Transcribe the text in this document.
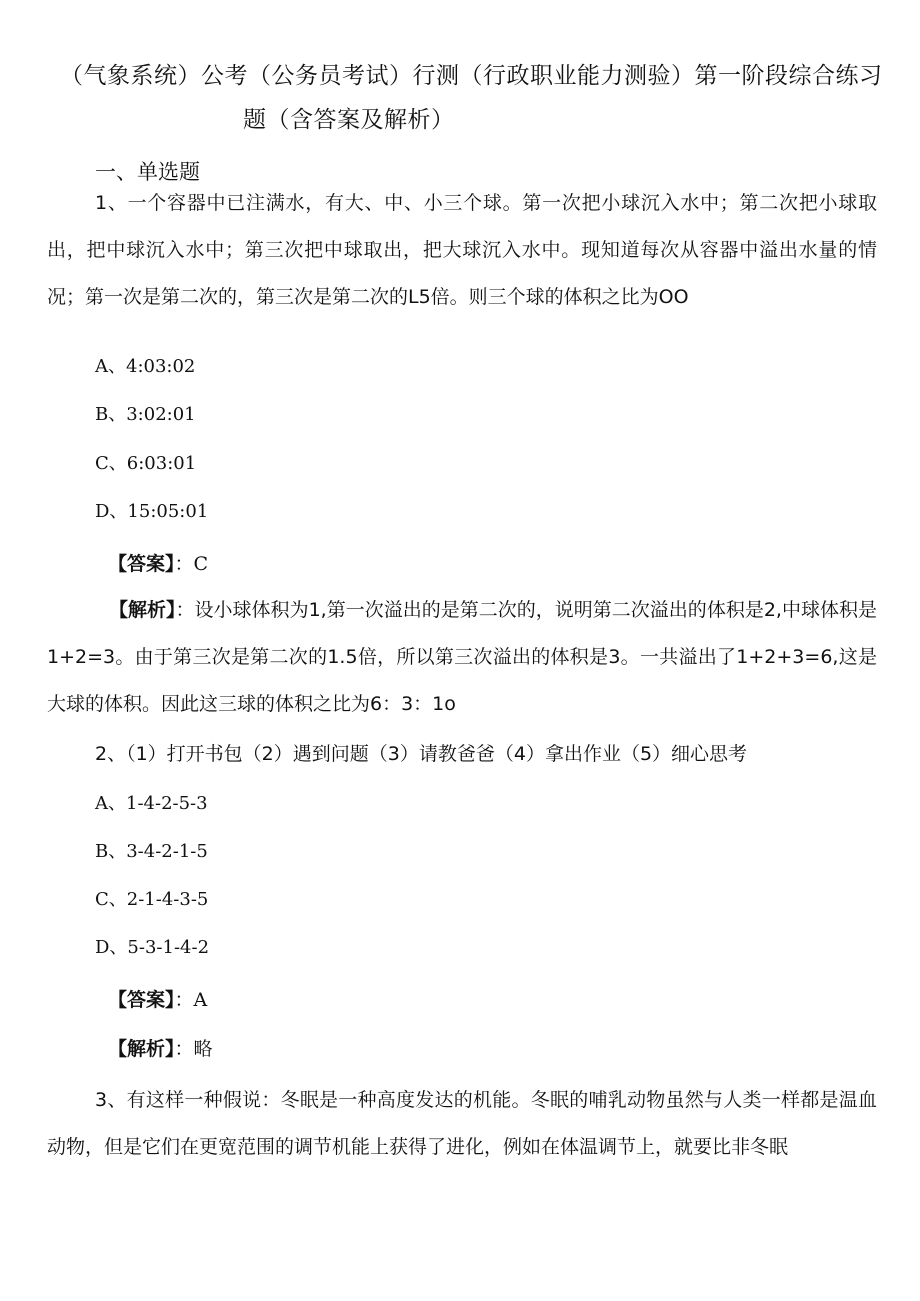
（气象系统）公考（公务员考试）行测（行政职业能力测验）第一阶段综合练习
题（含答案及解析）
一、单选题
1、一个容器中已注满水，有大、中、小三个球。第一次把小球沉入水中；第二次把小球取出，把中球沉入水中；第三次把中球取出，把大球沉入水中。现知道每次从容器中溢出水量的情况；第一次是第二次的，第三次是第二次的L5倍。则三个球的体积之比为OO
A、4:03:02
B、3:02:01
C、6:03:01
D、15:05:01
【答案】：C
【解析】：设小球体积为1,第一次溢出的是第二次的，说明第二次溢出的体积是2,中球体积是1+2=3。由于第三次是第二次的1.5倍，所以第三次溢出的体积是3。一共溢出了1+2+3=6,这是大球的体积。因此这三球的体积之比为6：3：1o
2、（1）打开书包（2）遇到问题（3）请教爸爸（4）拿出作业（5）细心思考
A、1-4-2-5-3
B、3-4-2-1-5
C、2-1-4-3-5
D、5-3-1-4-2
【答案】：A
【解析】：略
3、有这样一种假说：冬眠是一种高度发达的机能。冬眠的哺乳动物虽然与人类一样都是温血动物，但是它们在更宽范围的调节机能上获得了进化，例如在体温调节上，就要比非冬眠
